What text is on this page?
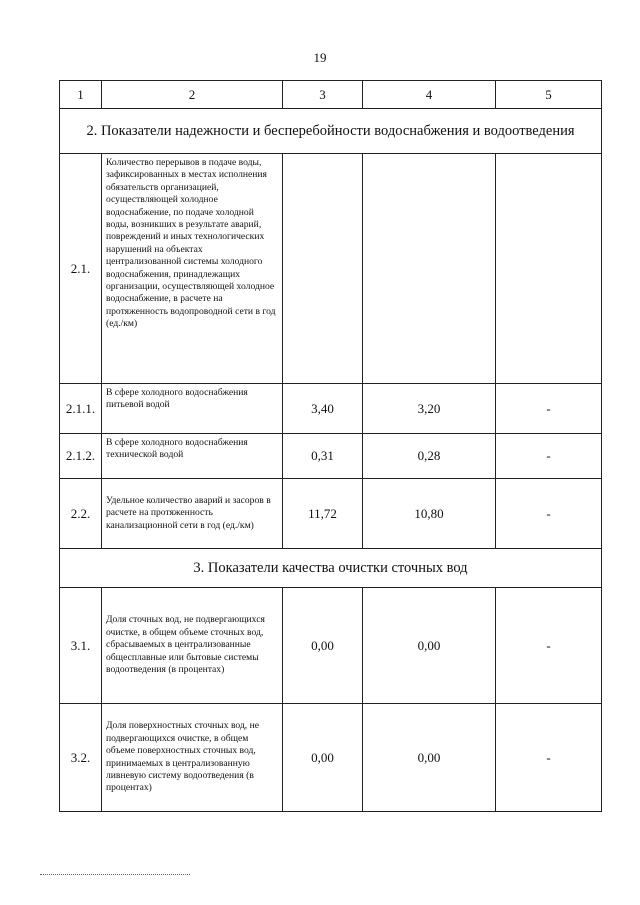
19
1	2	3	4	5
2. Показатели надежности и бесперебойности водоснабжения и водоотведения				
2.1.	Количество перерывов в подаче воды, зафиксированных в местах исполнения обязательств организацией, осуществляющей холодное водоснабжение, по подаче холодной воды, возникших в результате аварий, повреждений и иных технологических нарушений на объектах централизованной системы холодного водоснабжения, принадлежащих организации, осуществляющей холодное водоснабжение, в расчете на протяженность водопроводной сети в год (ед./км)			
2.1.1.	В сфере холодного водоснабжения питьевой водой	3,40	3,20	-
2.1.2.	В сфере холодного водоснабжения технической водой	0,31	0,28	-
2.2.	Удельное количество аварий и засоров в расчете на протяженность канализационной сети в год (ед./км)	11,72	10,80	-
3. Показатели качества очистки сточных вод				
3.1.	Доля сточных вод, не подвергающихся очистке, в общем объеме сточных вод, сбрасываемых в централизованные общесплавные или бытовые системы водоотведения (в процентах)	0,00	0,00	-
3.2.	Доля поверхностных сточных вод, не подвергающихся очистке, в общем объеме поверхностных сточных вод, принимаемых в централизованную ливневую систему водоотведения (в процентах)	0,00	0,00	-
